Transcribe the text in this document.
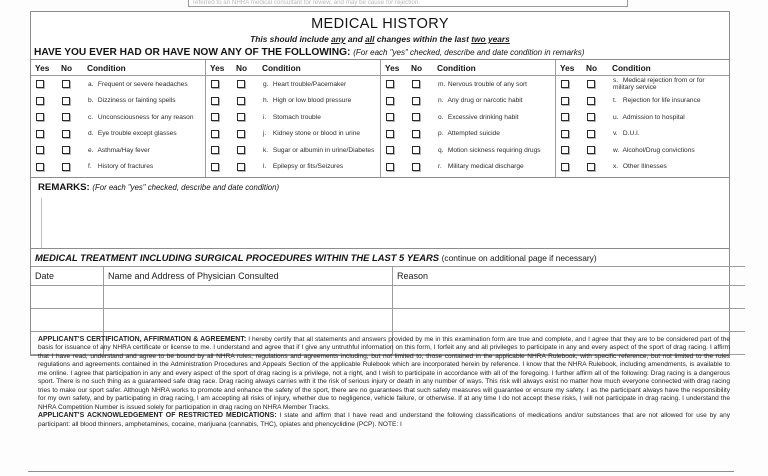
referred to an NHRA medical consultant for review, and may be cause for rejection.
MEDICAL HISTORY
This should include any and all changes within the last two years
HAVE YOU EVER HAD OR HAVE NOW ANY OF THE FOLLOWING: (For each "yes" checked, describe and date condition in remarks)
Yes	No	Condition
a. Frequent or severe headaches
b. Dizziness or fainting spells
c. Unconsciousness for any reason
d. Eye trouble except glasses
e. Asthma/Hay fever
f. History of fractures
Yes	No	Condition
g. Heart trouble/Pacemaker
h. High or low blood pressure
i. Stomach trouble
j. Kidney stone or blood in urine
k. Sugar or albumin in urine/Diabetes
l. Epilepsy or fits/Seizures
Yes	No	Condition
m. Nervous trouble of any sort
n. Any drug or narcotic habit
o. Excessive drinking habit
p. Attempted suicide
q. Motion sickness requiring drugs
r. Military medical discharge
Yes	No	Condition
s. Medical rejection from or for military service
t. Rejection for life insurance
u. Admission to hospital
v. D.U.I.
w. Alcohol/Drug convictions
x. Other Illnesses
REMARKS: (For each "yes" checked, describe and date condition)
MEDICAL TREATMENT INCLUDING SURGICAL PROCEDURES WITHIN THE LAST 5 YEARS (continue on additional page if necessary)
Date	Name and Address of Physician Consulted	Reason

APPLICANT'S CERTIFICATION, AFFIRMATION & AGREEMENT: I hereby certify that all statements and answers provided by me in this examination form are true and complete, and I agree that they are to be considered part of the basis for issuance of any NHRA certificate or license to me. I understand and agree that if I give any untruthful information on this form, I forfeit any and all privileges to participate in any and every aspect of the sport of drag racing. I affirm that I have read, understand and agree to be bound by all NHRA rules, regulations and agreements including, but not limited to, those contained in the applicable NHRA Rulebook, with specific reference, but not limited to the rules regulations and agreements contained in the Administration Procedures and Appeals Section of the applicable Rulebook which are incorporated herein by reference. I know that the NHRA Rulebook, including amendments, is available to me online. I agree that participation in any and every aspect of the sport of drag racing is a privilege, not a right, and I wish to participate in accordance with all of the foregoing. I further affirm all of the following: Drag racing is a dangerous sport. There is no such thing as a guaranteed safe drag race. Drag racing always carries with it the risk of serious injury or death in any number of ways. This risk will always exist no matter how much everyone connected with drag racing tries to make our sport safer. Although NHRA works to promote and enhance the safety of the sport, there are no guarantees that such safety measures will guarantee or ensure my safety. I as the participant always have the responsibility for my own safety, and by participating in drag racing, I am accepting all risks of injury, whether due to negligence, vehicle failure, or otherwise. If at any time I do not accept these risks, I will not participate in drag racing. I understand the NHRA Competition Number is issued solely for participation in drag racing on NHRA Member Tracks.

APPLICANT'S ACKNOWLEDGEMENT OF RESTRICTED MEDICATIONS: I state and affirm that I have read and understand the following classifications of medications and/or substances that are not allowed for use by any participant: all blood thinners, amphetamines, cocaine, marijuana (cannabis, THC), opiates and phencyclidine (PCP). NOTE: I
